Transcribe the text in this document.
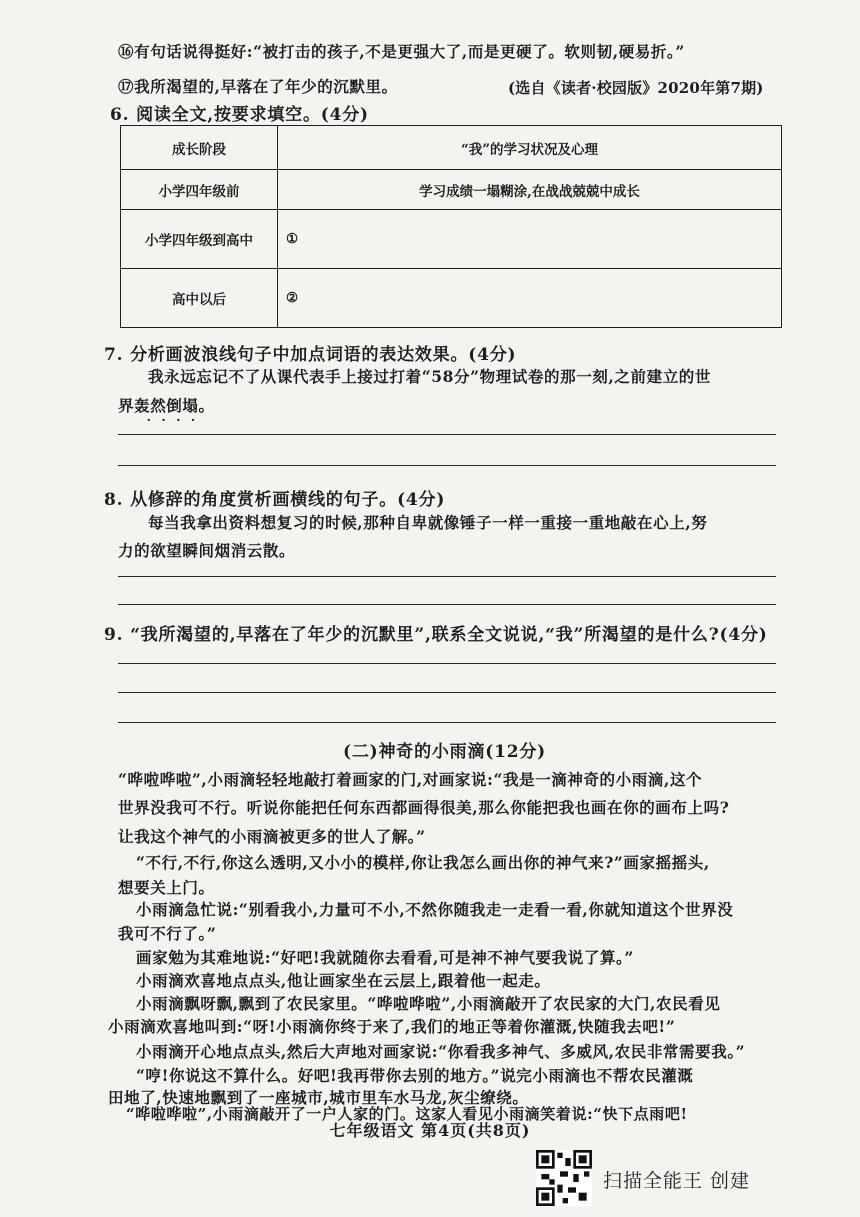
⑯有句话说得挺好:“被打击的孩子,不是更强大了,而是更硬了。软则韧,硬易折。”
⑰我所渴望的,早落在了年少的沉默里。	(选自《读者·校园版》2020年第7期)
6. 阅读全文,按要求填空。(4分)
成长阶段	“我”的学习状况及心理
小学四年级前	学习成绩一塌糊涂,在战战兢兢中成长
小学四年级到高中	①
高中以后	②
7. 分析画波浪线句子中加点词语的表达效果。(4分)
我永远忘记不了从课代表手上接过打着“58分”物理试卷的那一刻,之前建立的世
界轰然倒塌。
····
8. 从修辞的角度赏析画横线的句子。(4分)
每当我拿出资料想复习的时候,那种自卑就像锤子一样一重接一重地敲在心上,努
力的欲望瞬间烟消云散。
9. “我所渴望的,早落在了年少的沉默里”,联系全文说说,“我”所渴望的是什么?(4分)
(二)神奇的小雨滴(12分)
“哗啦哗啦”,小雨滴轻轻地敲打着画家的门,对画家说:“我是一滴神奇的小雨滴,这个
世界没我可不行。听说你能把任何东西都画得很美,那么你能把我也画在你的画布上吗?
让我这个神气的小雨滴被更多的世人了解。”
“不行,不行,你这么透明,又小小的模样,你让我怎么画出你的神气来?”画家摇摇头,
想要关上门。
小雨滴急忙说:“别看我小,力量可不小,不然你随我走一走看一看,你就知道这个世界没
我可不行了。”
画家勉为其难地说:“好吧!我就随你去看看,可是神不神气要我说了算。”
小雨滴欢喜地点点头,他让画家坐在云层上,跟着他一起走。
小雨滴飘呀飘,飘到了农民家里。“哗啦哗啦”,小雨滴敲开了农民家的大门,农民看见
小雨滴欢喜地叫到:“呀!小雨滴你终于来了,我们的地正等着你灌溉,快随我去吧!”
小雨滴开心地点点头,然后大声地对画家说:“你看我多神气、多威风,农民非常需要我。”
“哼!你说这不算什么。好吧!我再带你去别的地方。”说完小雨滴也不帮农民灌溉
田地了,快速地飘到了一座城市,城市里车水马龙,灰尘缭绕。
“哗啦哗啦”,小雨滴敲开了一户人家的门。这家人看见小雨滴笑着说:“快下点雨吧!
七年级语文 第4页(共8页)
扫描全能王 创建
